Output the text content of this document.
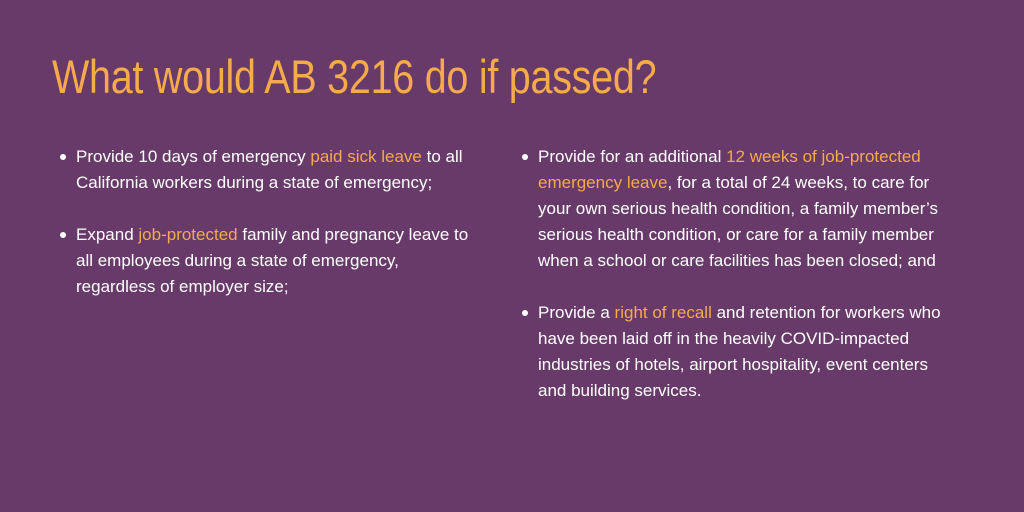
What would AB 3216 do if passed?
Provide 10 days of emergency paid sick leave to all California workers during a state of emergency;
Expand job-protected family and pregnancy leave to all employees during a state of emergency, regardless of employer size;
Provide for an additional 12 weeks of job-protected emergency leave, for a total of 24 weeks, to care for your own serious health condition, a family member’s serious health condition, or care for a family member when a school or care facilities has been closed; and
Provide a right of recall and retention for workers who have been laid off in the heavily COVID-impacted industries of hotels, airport hospitality, event centers and building services.
